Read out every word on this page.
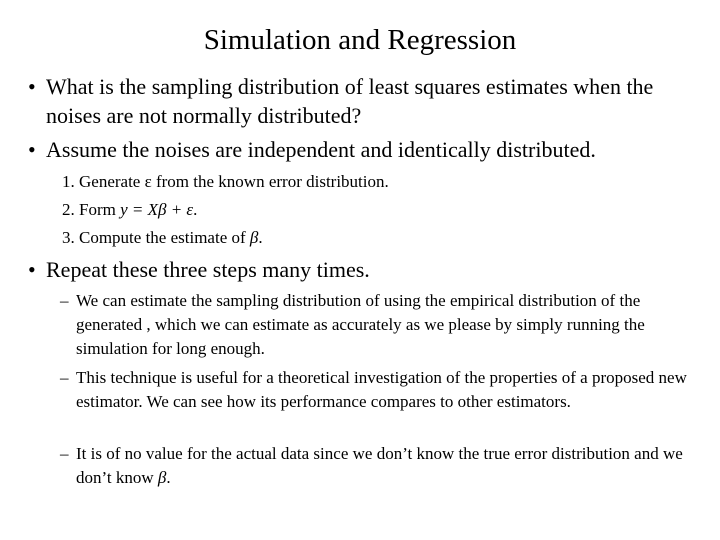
Simulation and Regression
• What is the sampling distribution of least squares estimates when the noises are not normally distributed?
• Assume the noises are independent and identically distributed.
1. Generate ε from the known error distribution.
2. Form y = Xβ + ε.
3. Compute the estimate of β.
• Repeat these three steps many times.
– We can estimate the sampling distribution of using the empirical distribution of the generated , which we can estimate as accurately as we please by simply running the simulation for long enough.
– This technique is useful for a theoretical investigation of the properties of a proposed new estimator. We can see how its performance compares to other estimators.
– It is of no value for the actual data since we don’t know the true error distribution and we don’t know β.
